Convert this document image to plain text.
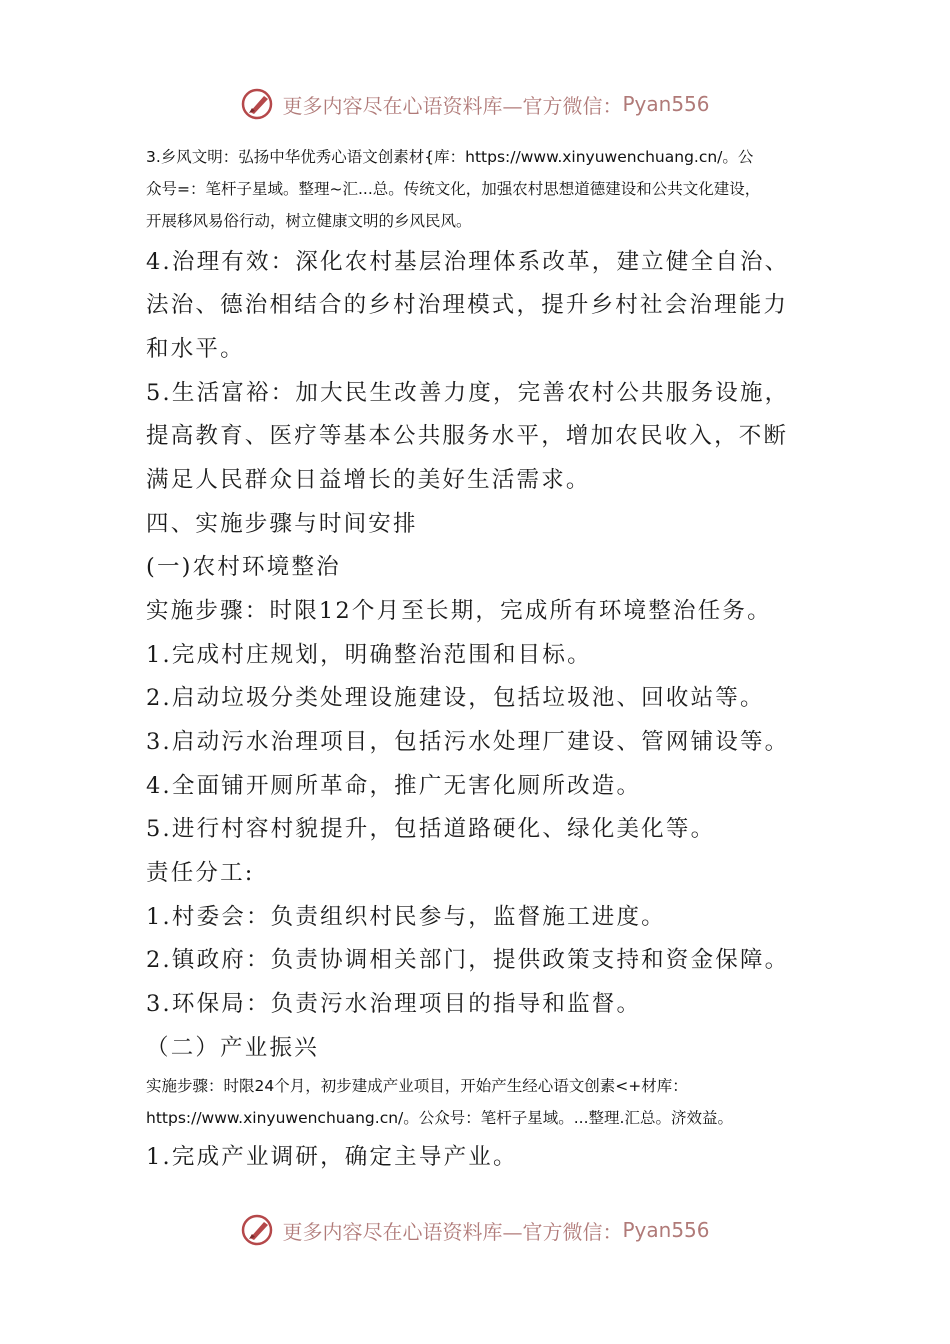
更多内容尽在心语资料库—官方微信： Pyan556
3.乡风文明：弘扬中华优秀心语文创素材{库：https://www.xinyuwenchuang.cn/。公
众号=：笔杆子星域。整理~汇...总。传统文化，加强农村思想道德建设和公共文化建设，
开展移风易俗行动，树立健康文明的乡风民风。
4.治理有效：深化农村基层治理体系改革，建立健全自治、
法治、德治相结合的乡村治理模式，提升乡村社会治理能力
和水平。
5.生活富裕：加大民生改善力度，完善农村公共服务设施，
提高教育、医疗等基本公共服务水平，增加农民收入，不断
满足人民群众日益增长的美好生活需求。
四、实施步骤与时间安排
(一)农村环境整治
实施步骤：时限12个月至长期，完成所有环境整治任务。
1.完成村庄规划，明确整治范围和目标。
2.启动垃圾分类处理设施建设，包括垃圾池、回收站等。
3.启动污水治理项目，包括污水处理厂建设、管网铺设等。
4.全面铺开厕所革命，推广无害化厕所改造。
5.进行村容村貌提升，包括道路硬化、绿化美化等。
责任分工:
1.村委会：负责组织村民参与，监督施工进度。
2.镇政府：负责协调相关部门，提供政策支持和资金保障。
3.环保局：负责污水治理项目的指导和监督。
（二）产业振兴
实施步骤：时限24个月，初步建成产业项目，开始产生经心语文创素<+材库：
https://www.xinyuwenchuang.cn/。公众号：笔杆子星域。...整理.汇总。济效益。
1.完成产业调研，确定主导产业。
更多内容尽在心语资料库—官方微信： Pyan556
